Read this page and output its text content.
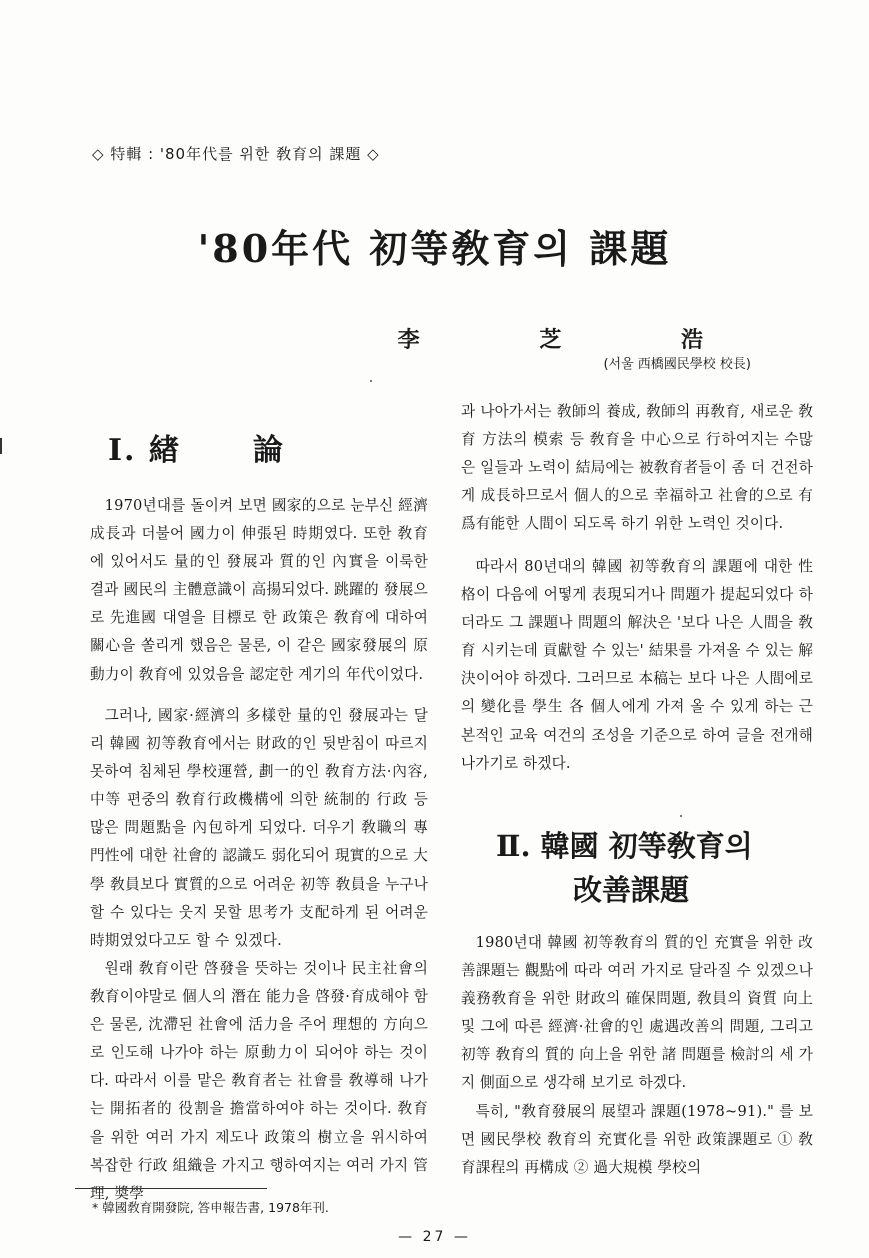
◇ 特輯 : '80年代를 위한 敎育의 課題 ◇
'80年代 初等敎育의 課題
李 芝 浩
(서울 西橋國民學校 校長)
I. 緖 論
1970년대를 돌이켜 보면 國家的으로 눈부신 經濟成長과 더불어 國力이 伸張된 時期였다. 또한 敎育에 있어서도 量的인 發展과 質的인 內實을 이룩한 결과 國民의 主體意識이 高揚되었다. 跳躍的 發展으로 先進國 대열을 目標로 한 政策은 敎育에 대하여 關心을 쏠리게 했음은 물론, 이 같은 國家發展의 原動力이 敎育에 있었음을 認定한 계기의 年代이었다.
그러나, 國家·經濟의 多樣한 量的인 發展과는 달리 韓國 初等敎育에서는 財政的인 뒷받침이 따르지 못하여 침체된 學校運營, 劃一的인 敎育方法·內容, 中等 편중의 敎育行政機構에 의한 統制的 行政 등 많은 問題點을 內包하게 되었다. 더우기 敎職의 專門性에 대한 社會的 認識도 弱化되어 現實的으로 大學 敎員보다 實質的으로 어려운 初等 敎員을 누구나 할 수 있다는 웃지 못할 思考가 支配하게 된 어려운 時期였었다고도 할 수 있겠다.
원래 敎育이란 啓發을 뜻하는 것이나 民主社會의 敎育이야말로 個人의 潛在 能力을 啓發·育成해야 함은 물론, 沈滯된 社會에 活力을 주어 理想的 方向으로 인도해 나가야 하는 原動力이 되어야 하는 것이다. 따라서 이를 맡은 敎育者는 社會를 敎導해 나가는 開拓者的 役割을 擔當하여야 하는 것이다. 敎育을 위한 여러 가지 제도나 政策의 樹立을 위시하여 복잡한 行政 組織을 가지고 행하여지는 여러 가지 管理, 奬學
과 나아가서는 敎師의 養成, 敎師의 再敎育, 새로운 敎育 方法의 模索 등 敎育을 中心으로 行하여지는 수많은 일들과 노력이 結局에는 被敎育者들이 좀 더 건전하게 成長하므로서 個人的으로 幸福하고 社會的으로 有爲有能한 人間이 되도록 하기 위한 노력인 것이다.
따라서 80년대의 韓國 初等敎育의 課題에 대한 性格이 다음에 어떻게 表現되거나 問題가 提起되었다 하더라도 그 課題나 問題의 解決은 '보다 나은 人間을 敎育 시키는데 貢獻할 수 있는' 結果를 가져올 수 있는 解決이어야 하겠다. 그러므로 本稿는 보다 나은 人間에로의 變化를 學生 各 個人에게 가져 올 수 있게 하는 근본적인 교육 여건의 조성을 기준으로 하여 글을 전개해 나가기로 하겠다.
Ⅱ. 韓國 初等敎育의
改善課題
1980년대 韓國 初等敎育의 質的인 充實을 위한 改善課題는 觀點에 따라 여러 가지로 달라질 수 있겠으나 義務敎育을 위한 財政의 確保問題, 敎員의 資質 向上 및 그에 따른 經濟·社會的인 處遇改善의 問題, 그리고 初等 敎育의 質的 向上을 위한 諸 問題를 檢討의 세 가지 側面으로 생각해 보기로 하겠다.
특히, "敎育發展의 展望과 課題(1978~91)." 를 보면 國民學校 敎育의 充實化를 위한 政策課題로 ① 敎育課程의 再構成 ② 過大規模 學校의
* 韓國敎育開發院, 答申報告書, 1978年刊.
— 27 —
